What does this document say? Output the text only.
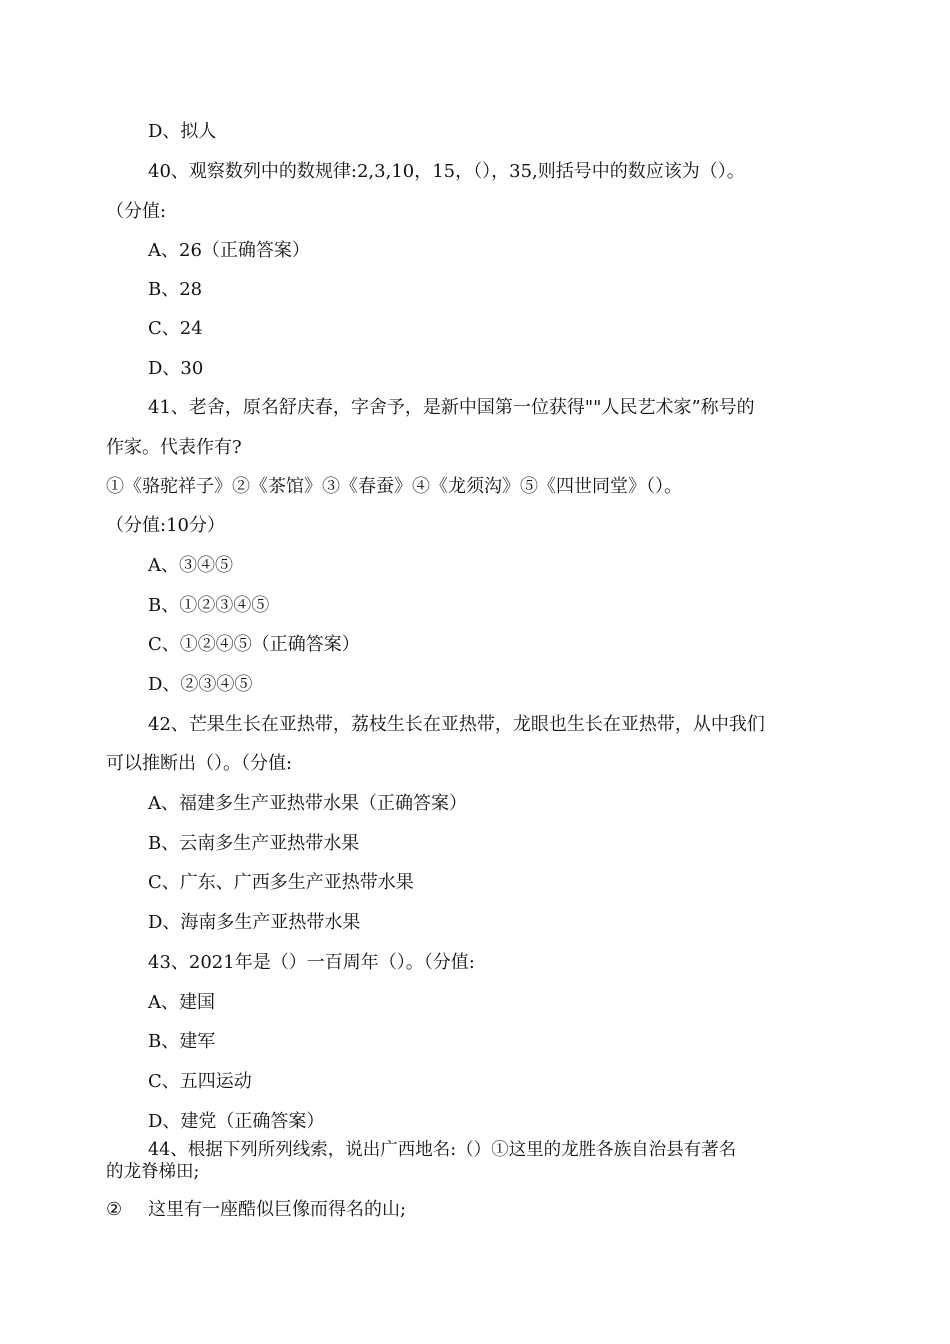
D、拟人
40、观察数列中的数规律:2,3,10，15，（），35,则括号中的数应该为（）。
（分值:
A、26（正确答案）
B、28
C、24
D、30
41、老舍，原名舒庆春，字舍予，是新中国第一位获得""人民艺术家”称号的
作家。代表作有?
①《骆驼祥子》②《茶馆》③《春蚕》④《龙须沟》⑤《四世同堂》（）。
（分值:10分）
A、③④⑤
B、①②③④⑤
C、①②④⑤（正确答案）
D、②③④⑤
42、芒果生长在亚热带，荔枝生长在亚热带，龙眼也生长在亚热带，从中我们
可以推断出（）。（分值:
A、福建多生产亚热带水果（正确答案）
B、云南多生产亚热带水果
C、广东、广西多生产亚热带水果
D、海南多生产亚热带水果
43、2021年是（）一百周年（）。（分值:
A、建国
B、建军
C、五四运动
D、建党（正确答案）
44、根据下列所列线索，说出广西地名:（）①这里的龙胜各族自治县有著名
的龙脊梯田;
② 这里有一座酷似巨像而得名的山;
